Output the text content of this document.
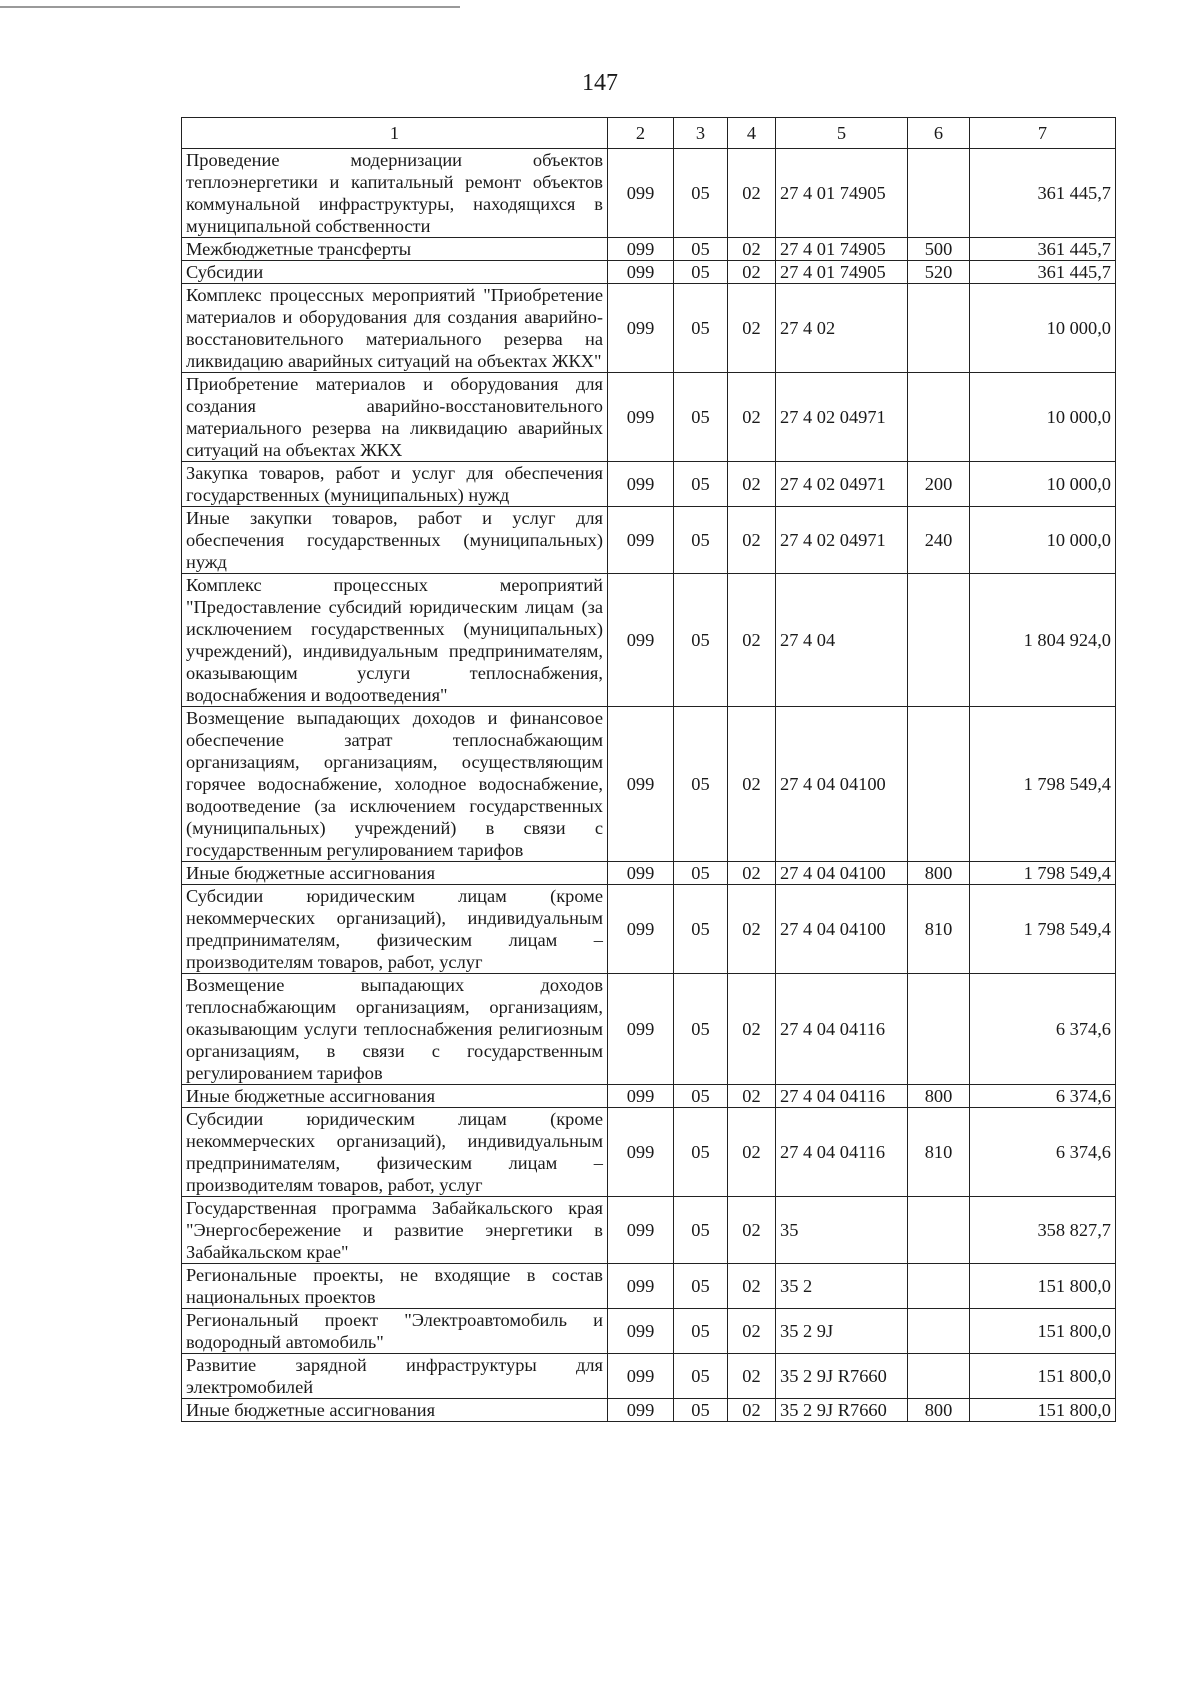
147
1	2	3	4	5	6	7
Проведение модернизации объектов теплоэнергетики и капитальный ремонт объектов коммунальной инфраструктуры, находящихся в муниципальной собственности	099	05	02	27 4 01 74905		361 445,7
Межбюджетные трансферты	099	05	02	27 4 01 74905	500	361 445,7
Субсидии	099	05	02	27 4 01 74905	520	361 445,7
Комплекс процессных мероприятий "Приобретение материалов и оборудования для создания аварийно-восстановительного материального резерва на ликвидацию аварийных ситуаций на объектах ЖКХ"	099	05	02	27 4 02		10 000,0
Приобретение материалов и оборудования для создания аварийно-восстановительного материального резерва на ликвидацию аварийных ситуаций на объектах ЖКХ	099	05	02	27 4 02 04971		10 000,0
Закупка товаров, работ и услуг для обеспечения государственных (муниципальных) нужд	099	05	02	27 4 02 04971	200	10 000,0
Иные закупки товаров, работ и услуг для обеспечения государственных (муниципальных) нужд	099	05	02	27 4 02 04971	240	10 000,0
Комплекс процессных мероприятий "Предоставление субсидий юридическим лицам (за исключением государственных (муниципальных) учреждений), индивидуальным предпринимателям, оказывающим услуги теплоснабжения, водоснабжения и водоотведения"	099	05	02	27 4 04		1 804 924,0
Возмещение выпадающих доходов и финансовое обеспечение затрат теплоснабжающим организациям, организациям, осуществляющим горячее водоснабжение, холодное водоснабжение, водоотведение (за исключением государственных (муниципальных) учреждений) в связи с государственным регулированием тарифов	099	05	02	27 4 04 04100		1 798 549,4
Иные бюджетные ассигнования	099	05	02	27 4 04 04100	800	1 798 549,4
Субсидии юридическим лицам (кроме некоммерческих организаций), индивидуальным предпринимателям, физическим лицам – производителям товаров, работ, услуг	099	05	02	27 4 04 04100	810	1 798 549,4
Возмещение выпадающих доходов теплоснабжающим организациям, организациям, оказывающим услуги теплоснабжения религиозным организациям, в связи с государственным регулированием тарифов	099	05	02	27 4 04 04116		6 374,6
Иные бюджетные ассигнования	099	05	02	27 4 04 04116	800	6 374,6
Субсидии юридическим лицам (кроме некоммерческих организаций), индивидуальным предпринимателям, физическим лицам – производителям товаров, работ, услуг	099	05	02	27 4 04 04116	810	6 374,6
Государственная программа Забайкальского края "Энергосбережение и развитие энергетики в Забайкальском крае"	099	05	02	35		358 827,7
Региональные проекты, не входящие в состав национальных проектов	099	05	02	35 2		151 800,0
Региональный проект "Электроавтомобиль и водородный автомобиль"	099	05	02	35 2 9J		151 800,0
Развитие зарядной инфраструктуры для электромобилей	099	05	02	35 2 9J R7660		151 800,0
Иные бюджетные ассигнования	099	05	02	35 2 9J R7660	800	151 800,0
